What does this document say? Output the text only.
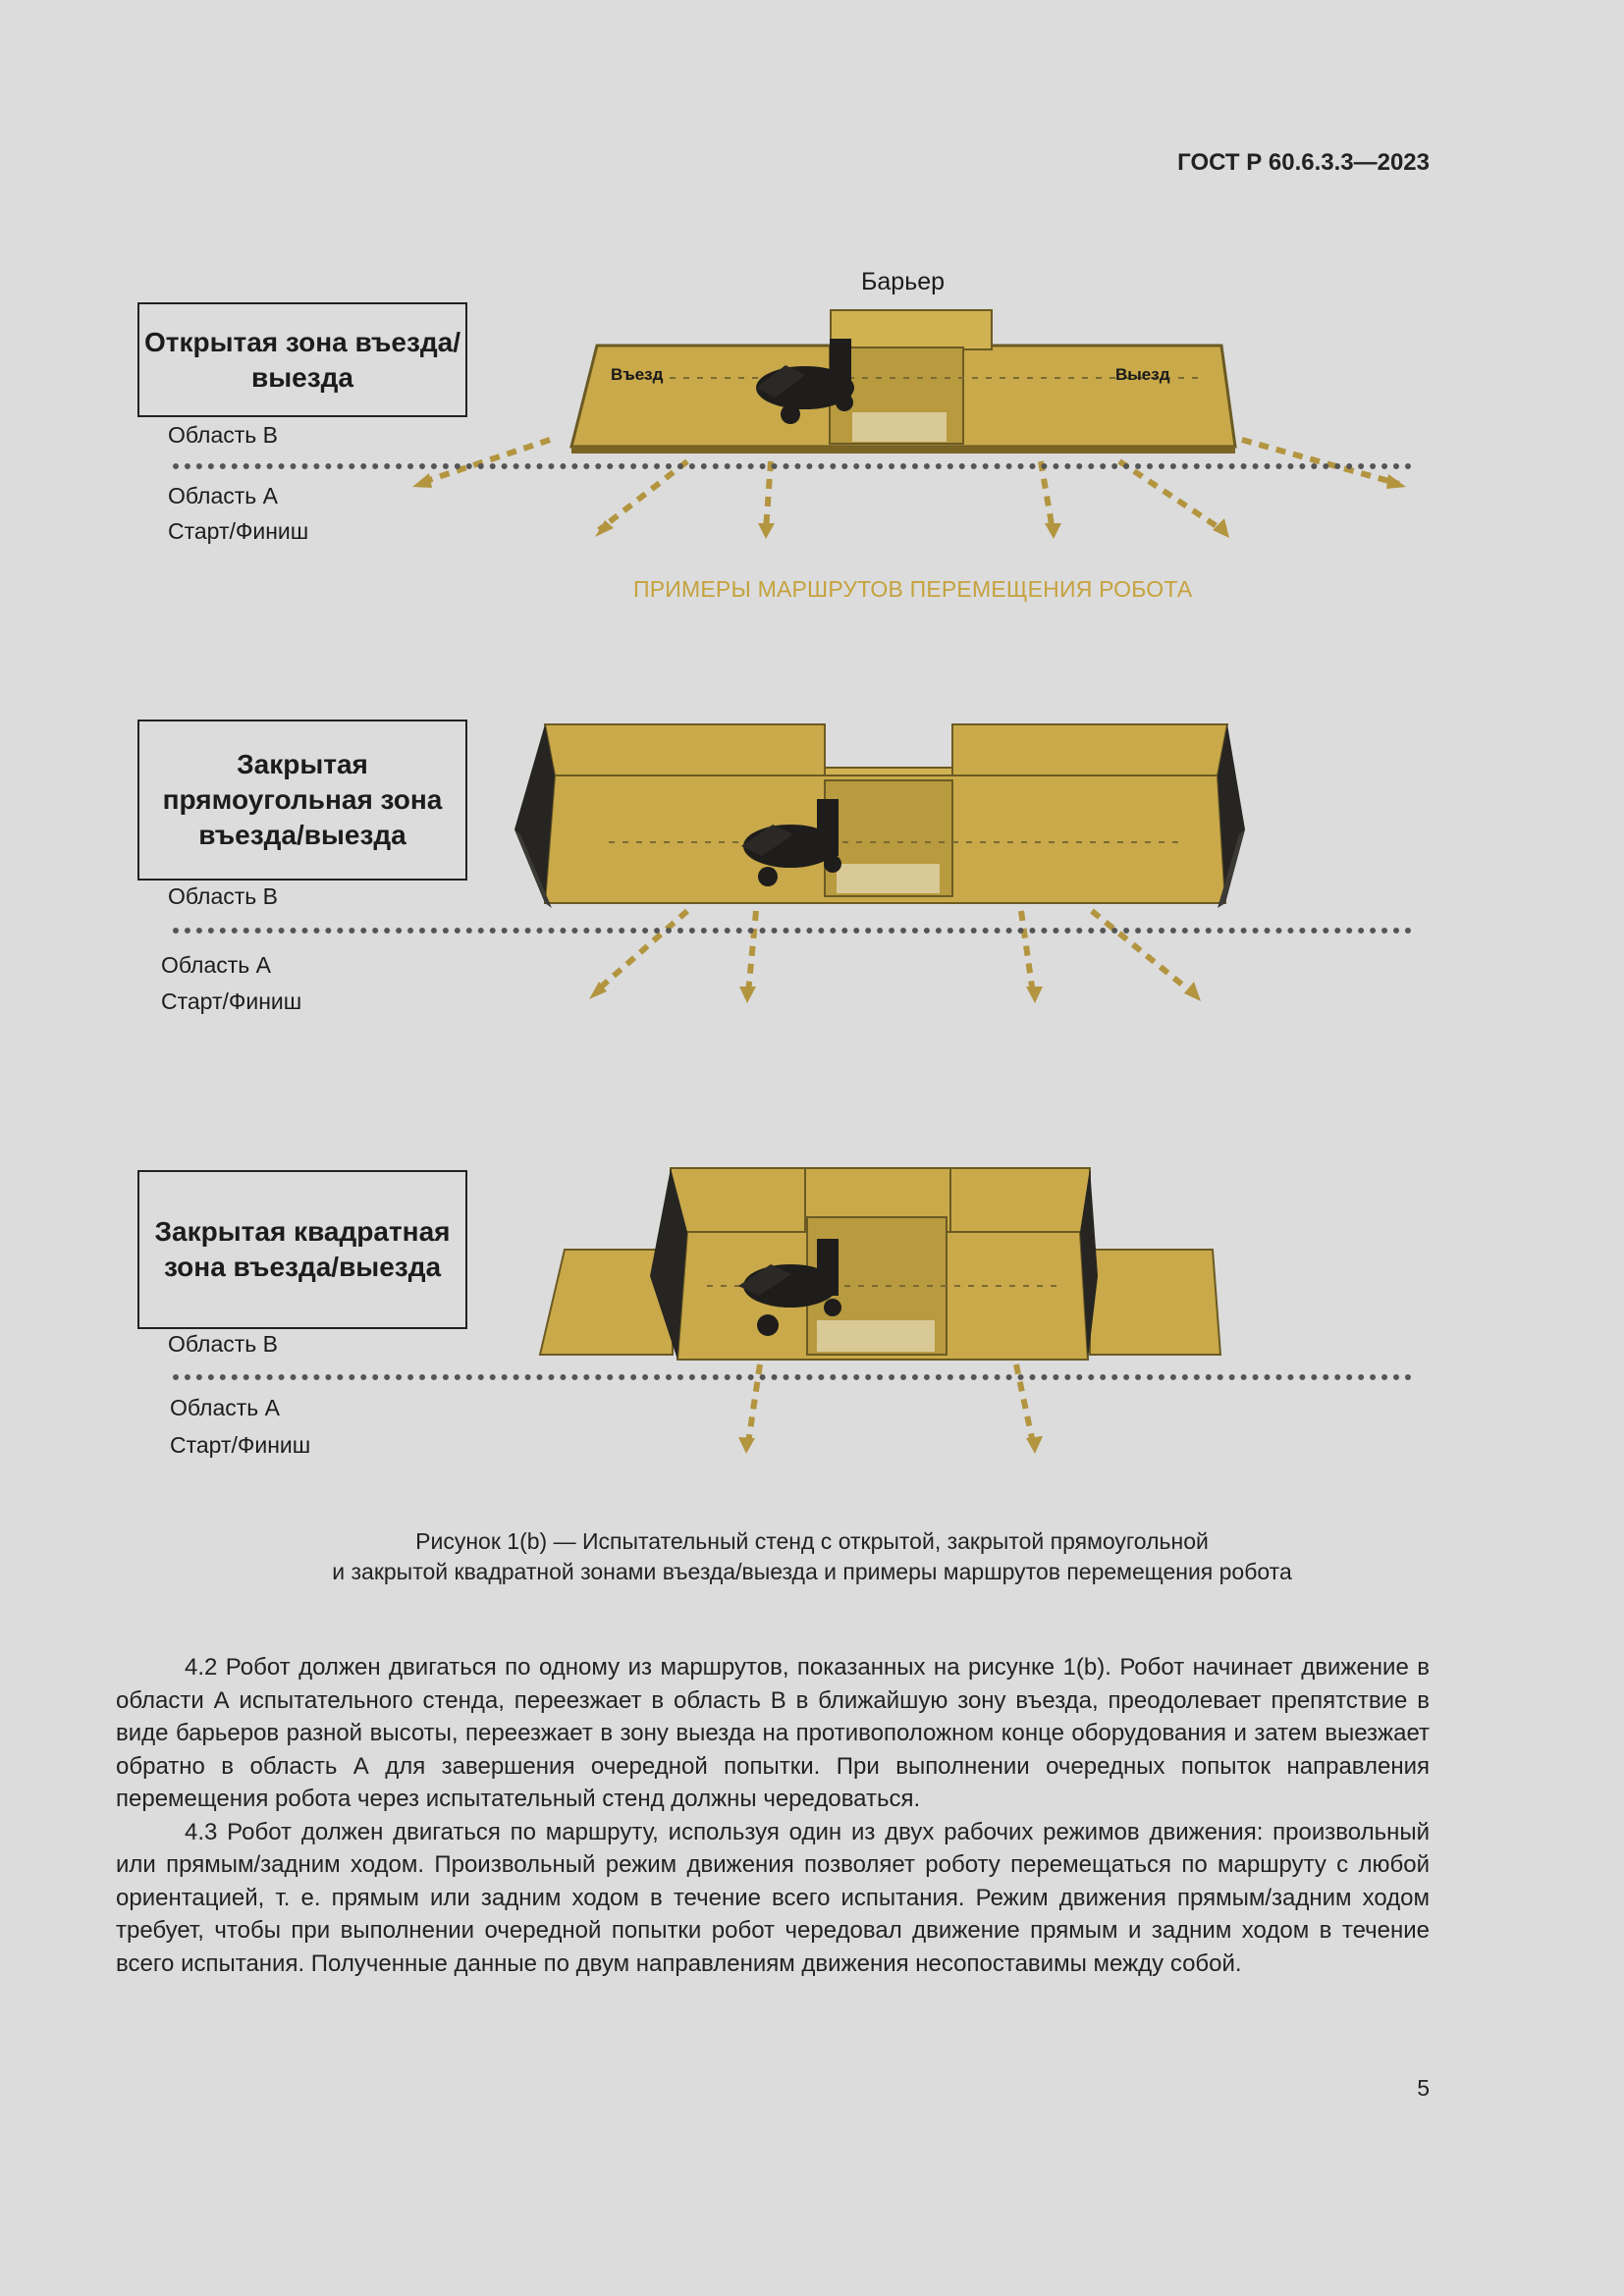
ГОСТ Р 60.6.3.3—2023
Барьер
Въезд	Выезд
Открытая зона въезда/выезда
Область B
Область А
Старт/Финиш
ПРИМЕРЫ МАРШРУТОВ ПЕРЕМЕЩЕНИЯ РОБОТА
Закрытая прямоугольная зона въезда/выезда
Область B
Область А
Старт/Финиш
Закрытая квадратная зона въезда/выезда
Область B
Область А
Старт/Финиш
Рисунок 1(b) — Испытательный стенд с открытой, закрытой прямоугольной
и закрытой квадратной зонами въезда/выезда и примеры маршрутов перемещения робота

4.2 Робот должен двигаться по одному из маршрутов, показанных на рисунке 1(b). Робот начинает движение в области А испытательного стенда, переезжает в область B в ближайшую зону въезда, преодолевает препятствие в виде барьеров разной высоты, переезжает в зону выезда на противоположном конце оборудования и затем выезжает обратно в область А для завершения очередной попытки. При выполнении очередных попыток направления перемещения робота через испытательный стенд должны чередоваться.

4.3 Робот должен двигаться по маршруту, используя один из двух рабочих режимов движения: произвольный или прямым/задним ходом. Произвольный режим движения позволяет роботу перемещаться по маршруту с любой ориентацией, т. е. прямым или задним ходом в течение всего испытания. Режим движения прямым/задним ходом требует, чтобы при выполнении очередной попытки робот чередовал движение прямым и задним ходом в течение всего испытания. Полученные данные по двум направлениям движения несопоставимы между собой.

5
